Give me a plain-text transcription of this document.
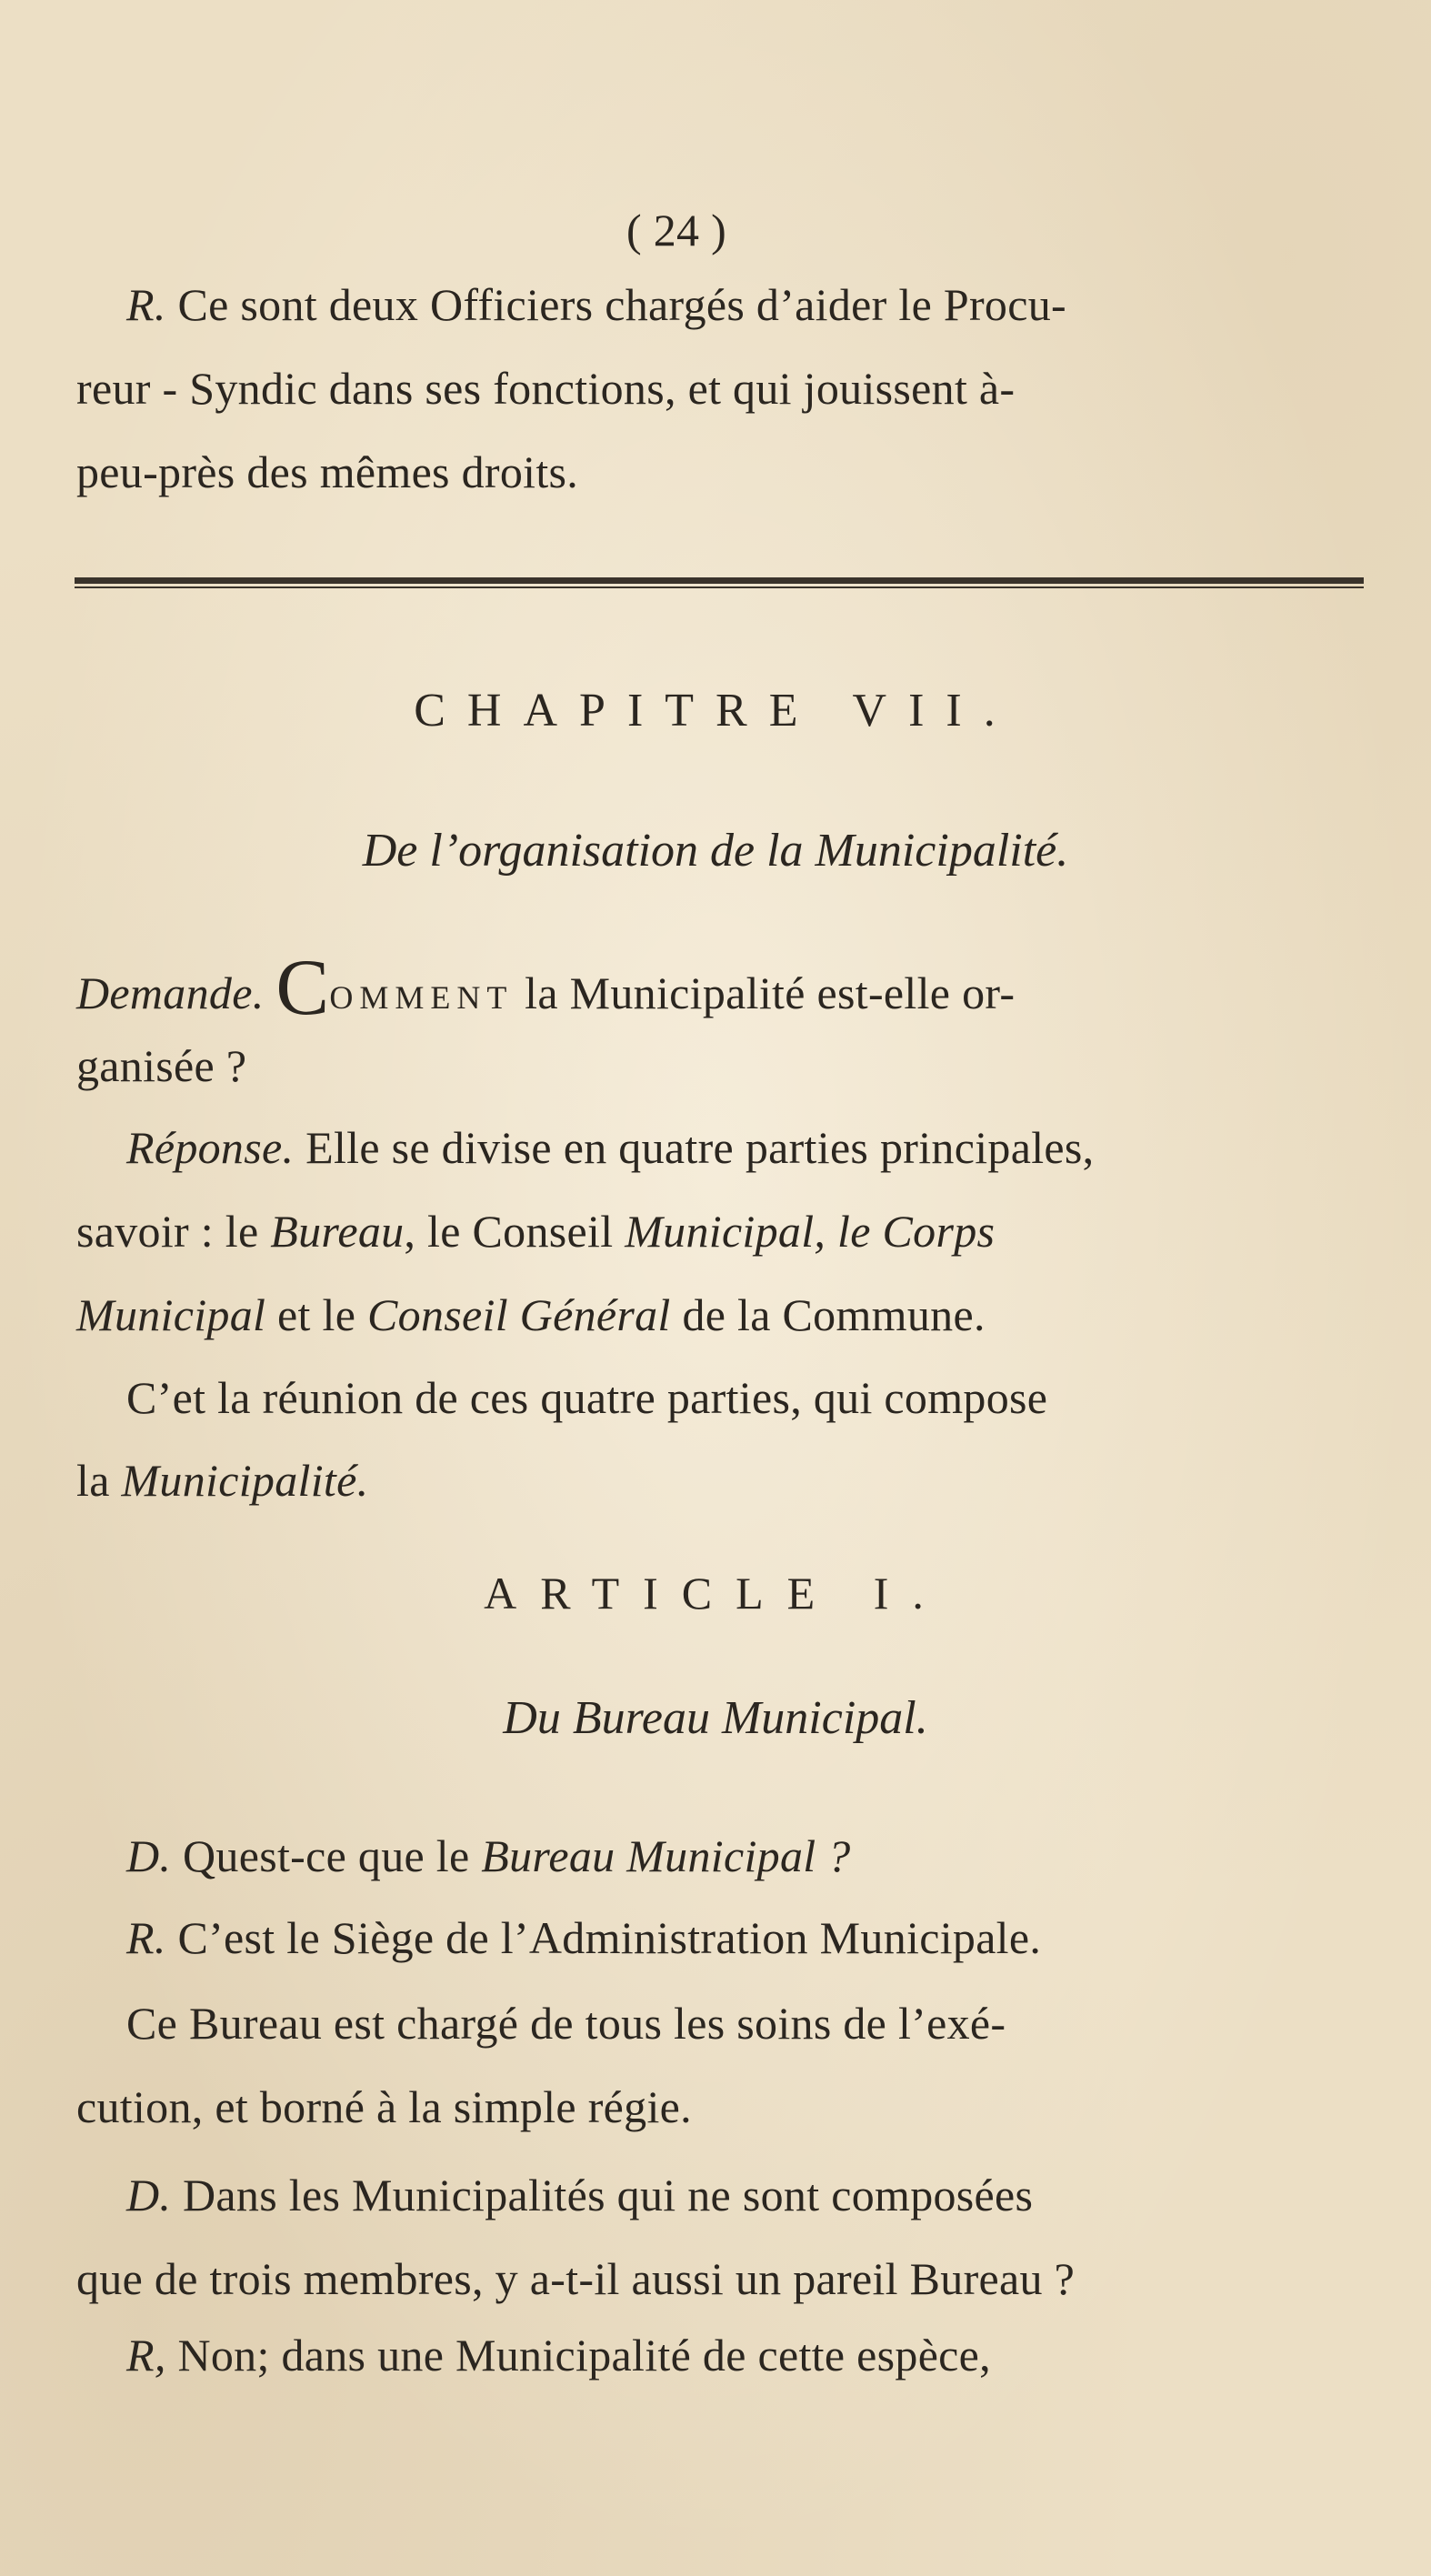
( 24 )
R. Ce sont deux Officiers chargés d’aider le Procu-
reur - Syndic dans ses fonctions, et qui jouissent à-
peu-près des mêmes droits.
CHAPITRE VII.
De l’organisation de la Municipalité.
Demande. COMMENT la Municipalité est-elle or-
ganisée ?
Réponse. Elle se divise en quatre parties principales,
savoir : le Bureau, le Conseil Municipal, le Corps
Municipal et le Conseil Général de la Commune.
C’et la réunion de ces quatre parties, qui compose
la Municipalité.
ARTICLE I.
Du Bureau Municipal.
D. Quest-ce que le Bureau Municipal ?
R. C’est le Siège de l’Administration Municipale.
Ce Bureau est chargé de tous les soins de l’exé-
cution, et borné à la simple régie.
D. Dans les Municipalités qui ne sont composées
que de trois membres, y a-t-il aussi un pareil Bureau ?
R, Non; dans une Municipalité de cette espèce,
